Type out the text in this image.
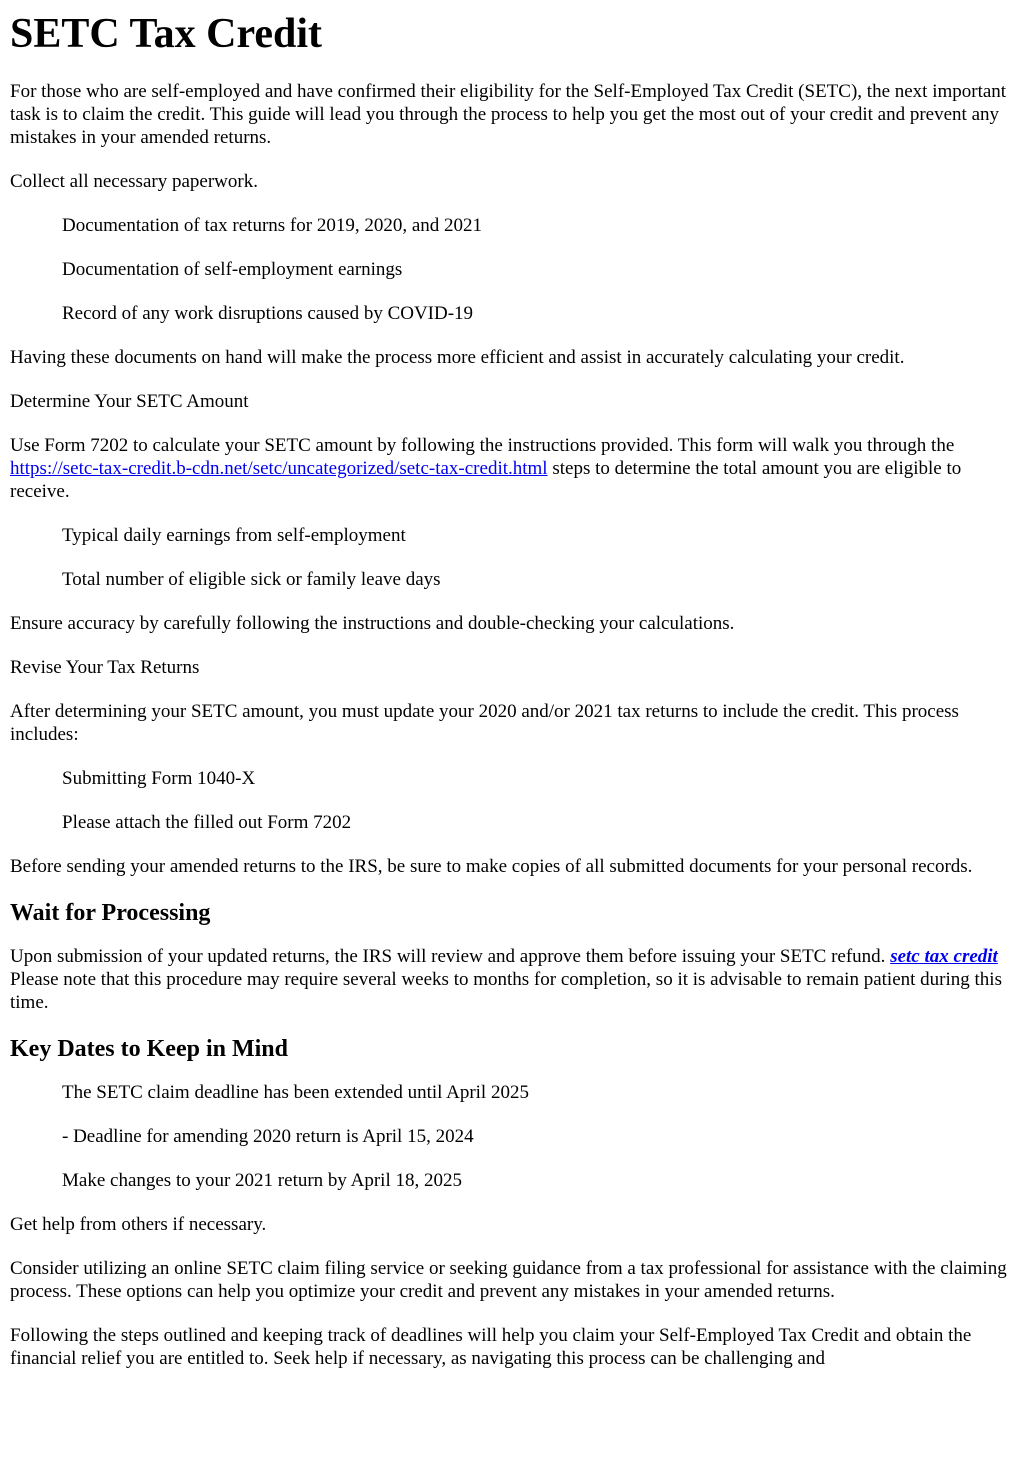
SETC Tax Credit

For those who are self-employed and have confirmed their eligibility for the Self-Employed Tax Credit (SETC), the next important task is to claim the credit. This guide will lead you through the process to help you get the most out of your credit and prevent any mistakes in your amended returns.

Collect all necessary paperwork.

Documentation of tax returns for 2019, 2020, and 2021
Documentation of self-employment earnings
Record of any work disruptions caused by COVID-19

Having these documents on hand will make the process more efficient and assist in accurately calculating your credit.

Determine Your SETC Amount

Use Form 7202 to calculate your SETC amount by following the instructions provided. This form will walk you through the https://setc-tax-credit.b-cdn.net/setc/uncategorized/setc-tax-credit.html steps to determine the total amount you are eligible to receive.

Typical daily earnings from self-employment
Total number of eligible sick or family leave days

Ensure accuracy by carefully following the instructions and double-checking your calculations.

Revise Your Tax Returns

After determining your SETC amount, you must update your 2020 and/or 2021 tax returns to include the credit. This process includes:

Submitting Form 1040-X
Please attach the filled out Form 7202

Before sending your amended returns to the IRS, be sure to make copies of all submitted documents for your personal records.

Wait for Processing

Upon submission of your updated returns, the IRS will review and approve them before issuing your SETC refund. setc tax credit Please note that this procedure may require several weeks to months for completion, so it is advisable to remain patient during this time.

Key Dates to Keep in Mind
The SETC claim deadline has been extended until April 2025
- Deadline for amending 2020 return is April 15, 2024
Make changes to your 2021 return by April 18, 2025

Get help from others if necessary.

Consider utilizing an online SETC claim filing service or seeking guidance from a tax professional for assistance with the claiming process. These options can help you optimize your credit and prevent any mistakes in your amended returns.

Following the steps outlined and keeping track of deadlines will help you claim your Self-Employed Tax Credit and obtain the financial relief you are entitled to. Seek help if necessary, as navigating this process can be challenging and
